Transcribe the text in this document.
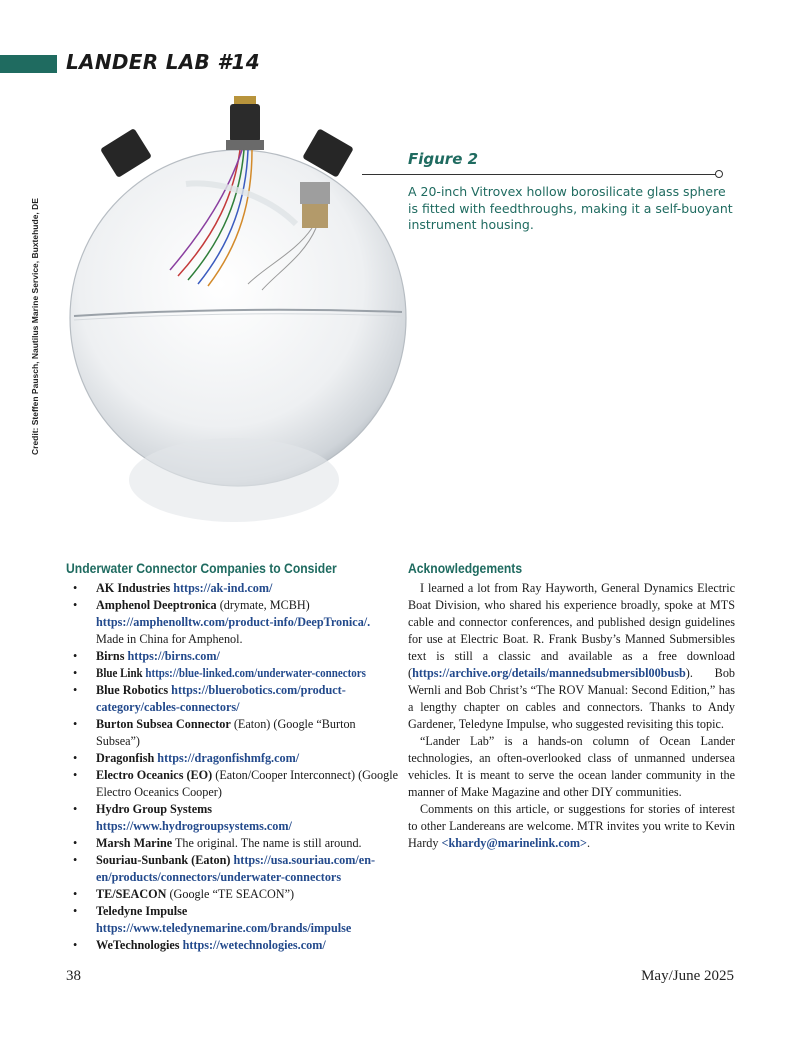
LANDER LAB #14
Credit: Steffen Pausch, Nautilus Marine Service, Buxtehude, DE
Figure 2

A 20-inch Vitrovex hollow borosilicate glass sphere is fitted with feedthroughs, making it a self-buoyant instrument housing.

Underwater Connector Companies to Consider
• AK Industries https://ak-ind.com/
• Amphenol Deeptronica (drymate, MCBH)
https://amphenolltw.com/product-info/DeepTronica/.
Made in China for Amphenol.
• Birns https://birns.com/
• Blue Link https://blue-linked.com/underwater-connectors
• Blue Robotics https://bluerobotics.com/product-category/cables-connectors/
• Burton Subsea Connector (Eaton) (Google “Burton Subsea”)
• Dragonfish https://dragonfishmfg.com/
• Electro Oceanics (EO) (Eaton/Cooper Interconnect) (Google Electro Oceanics Cooper)
• Hydro Group Systems
https://www.hydrogroupsystems.com/
• Marsh Marine The original. The name is still around.
• Souriau-Sunbank (Eaton) https://usa.souriau.com/en-en/products/connectors/underwater-connectors
• TE/SEACON (Google “TE SEACON”)
• Teledyne Impulse https://www.teledynemarine.com/brands/impulse
• WeTechnologies https://wetechnologies.com/
Acknowledgements

I learned a lot from Ray Hayworth, General Dynamics Electric Boat Division, who shared his experience broadly, spoke at MTS cable and connector conferences, and published design guidelines for use at Electric Boat. R. Frank Busby’s Manned Submersibles text is still a classic and available as a free download (https://archive.org/details/mannedsubmersibl00busb). Bob Wernli and Bob Christ’s “The ROV Manual: Second Edition,” has a lengthy chapter on cables and connectors. Thanks to Andy Gardener, Teledyne Impulse, who suggested revisiting this topic.

“Lander Lab” is a hands-on column of Ocean Lander technologies, an often-overlooked class of unmanned undersea vehicles. It is meant to serve the ocean lander community in the manner of Make Magazine and other DIY communities.

Comments on this article, or suggestions for stories of interest to other Landereans are welcome. MTR invites you write to Kevin Hardy <khardy@marinelink.com>.

38	May/June 2025
